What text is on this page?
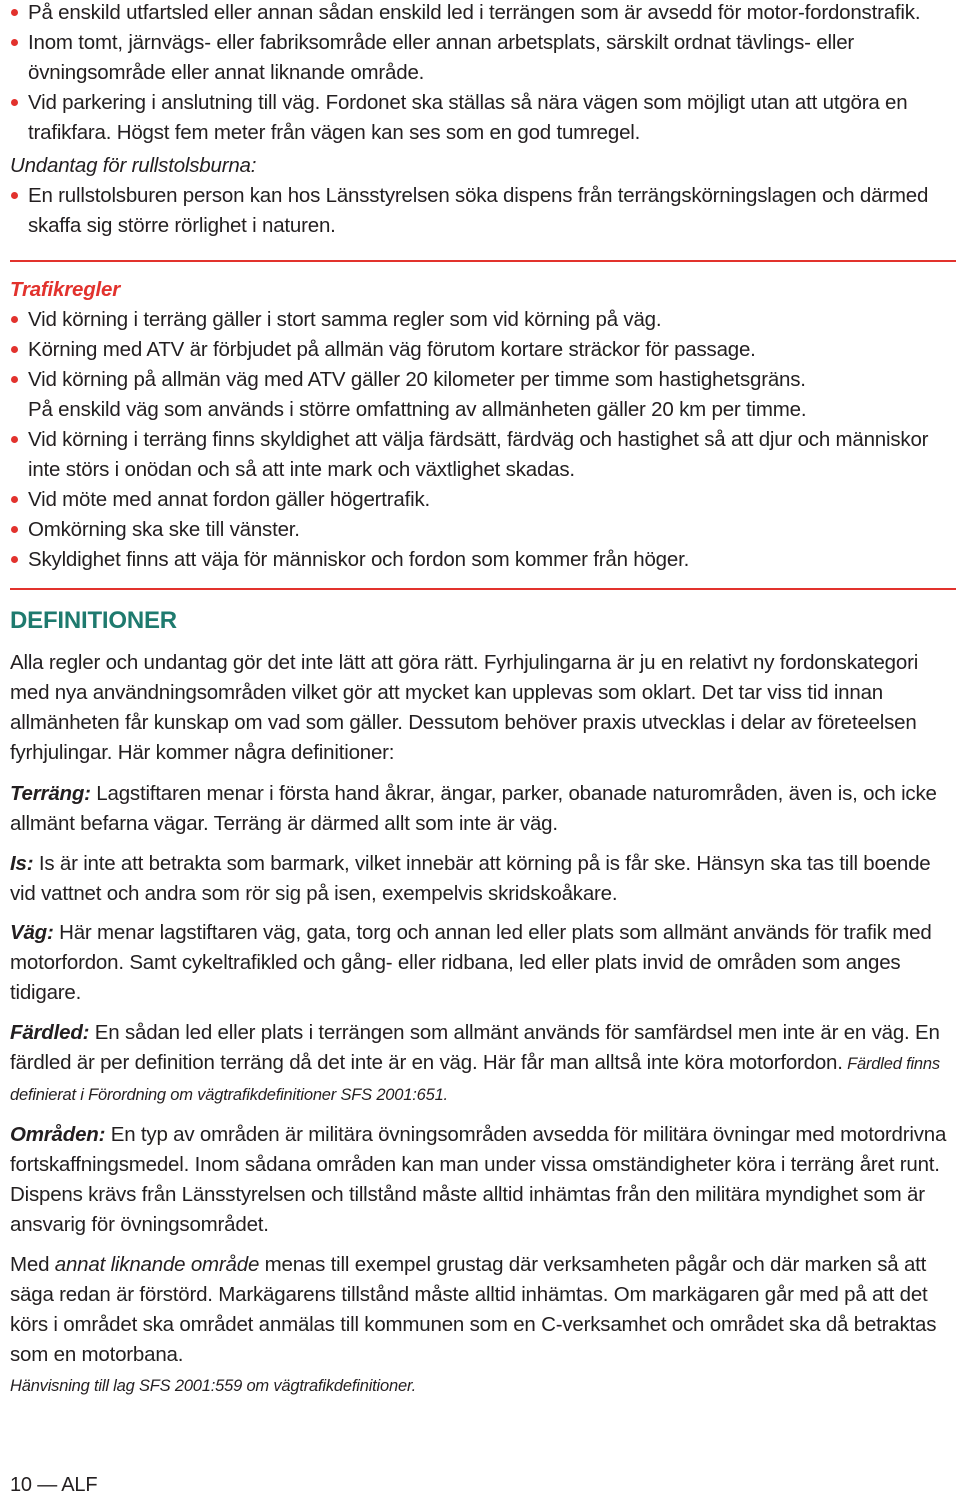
På enskild utfartsled eller annan sådan enskild led i terrängen som är avsedd för motor-fordonstrafik.

Inom tomt, järnvägs- eller fabriksområde eller annan arbetsplats, särskilt ordnat tävlings- eller övningsområde eller annat liknande område.

Vid parkering i anslutning till väg. Fordonet ska ställas så nära vägen som möjligt utan att utgöra en trafikfara. Högst fem meter från vägen kan ses som en god tumregel.

Undantag för rullstolsburna:

En rullstolsburen person kan hos Länsstyrelsen söka dispens från terrängskörningslagen och därmed skaffa sig större rörlighet i naturen.

Trafikregler

Vid körning i terräng gäller i stort samma regler som vid körning på väg.

Körning med ATV är förbjudet på allmän väg förutom kortare sträckor för passage.

Vid körning på allmän väg med ATV gäller 20 kilometer per timme som hastighetsgräns.

På enskild väg som används i större omfattning av allmänheten gäller 20 km per timme.

Vid körning i terräng finns skyldighet att välja färdsätt, färdväg och hastighet så att djur och människor inte störs i onödan och så att inte mark och växtlighet skadas.

Vid möte med annat fordon gäller högertrafik.

Omkörning ska ske till vänster.

Skyldighet finns att väja för människor och fordon som kommer från höger.

DEFINITIONER

Alla regler och undantag gör det inte lätt att göra rätt. Fyrhjulingarna är ju en relativt ny fordonskategori med nya användningsområden vilket gör att mycket kan upplevas som oklart. Det tar viss tid innan allmänheten får kunskap om vad som gäller. Dessutom behöver praxis utvecklas i delar av företeelsen fyrhjulingar. Här kommer några definitioner:

Terräng: Lagstiftaren menar i första hand åkrar, ängar, parker, obanade naturområden, även is, och icke allmänt befarna vägar. Terräng är därmed allt som inte är väg.

Is: Is är inte att betrakta som barmark, vilket innebär att körning på is får ske. Hänsyn ska tas till boende vid vattnet och andra som rör sig på isen, exempelvis skridskoåkare.

Väg: Här menar lagstiftaren väg, gata, torg och annan led eller plats som allmänt används för trafik med motorfordon. Samt cykeltrafikled och gång- eller ridbana, led eller plats invid de områden som anges tidigare.

Färdled: En sådan led eller plats i terrängen som allmänt används för samfärdsel men inte är en väg. En färdled är per definition terräng då det inte är en väg. Här får man alltså inte köra motorfordon. Färdled finns definierat i Förordning om vägtrafikdefinitioner SFS 2001:651.

Områden: En typ av områden är militära övningsområden avsedda för militära övningar med motordrivna fortskaffningsmedel. Inom sådana områden kan man under vissa omständigheter köra i terräng året runt. Dispens krävs från Länsstyrelsen och tillstånd måste alltid inhämtas från den militära myndighet som är ansvarig för övningsområdet.

Med annat liknande område menas till exempel grustag där verksamheten pågår och där marken så att säga redan är förstörd. Markägarens tillstånd måste alltid inhämtas. Om markägaren går med på att det körs i området ska området anmälas till kommunen som en C-verksamhet och området ska då betraktas som en motorbana.

Hänvisning till lag SFS 2001:559 om vägtrafikdefinitioner.

10 — ALF
